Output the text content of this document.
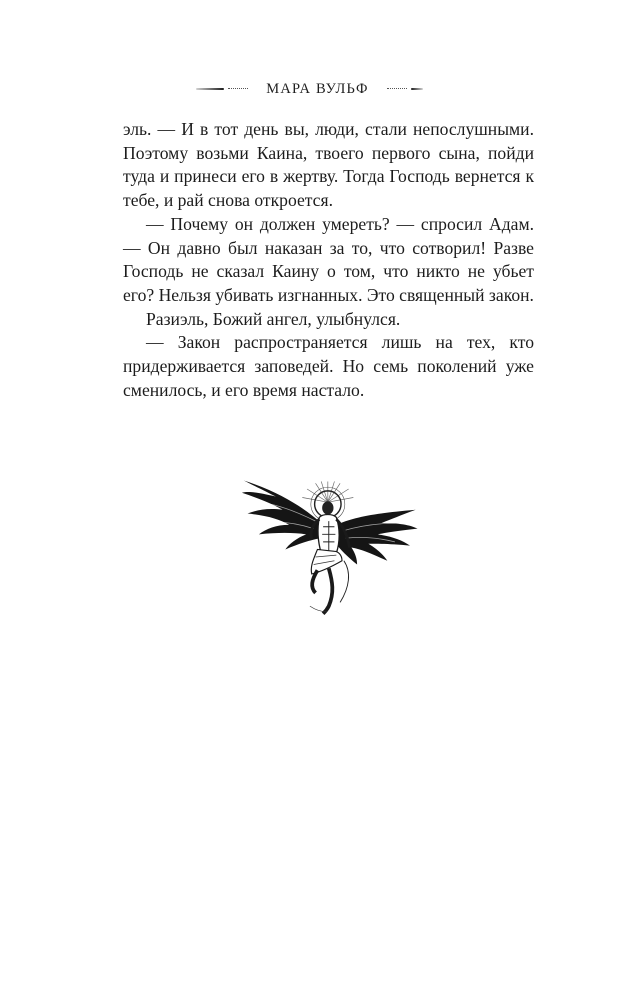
МАРА ВУЛЬФ

эль. — И в тот день вы, люди, стали непослушными. Поэтому возьми Каина, твоего первого сына, пойди туда и принеси его в жертву. Тогда Господь вернется к тебе, и рай снова откроется.

— Почему он должен умереть? — спросил Адам. — Он давно был наказан за то, что сотворил! Разве Господь не сказал Каину о том, что никто не убьет его? Нельзя убивать изгнанных. Это священный закон.

Разиэль, Божий ангел, улыбнулся.

— Закон распространяется лишь на тех, кто придерживается заповедей. Но семь поколений уже сменилось, и его время настало.
